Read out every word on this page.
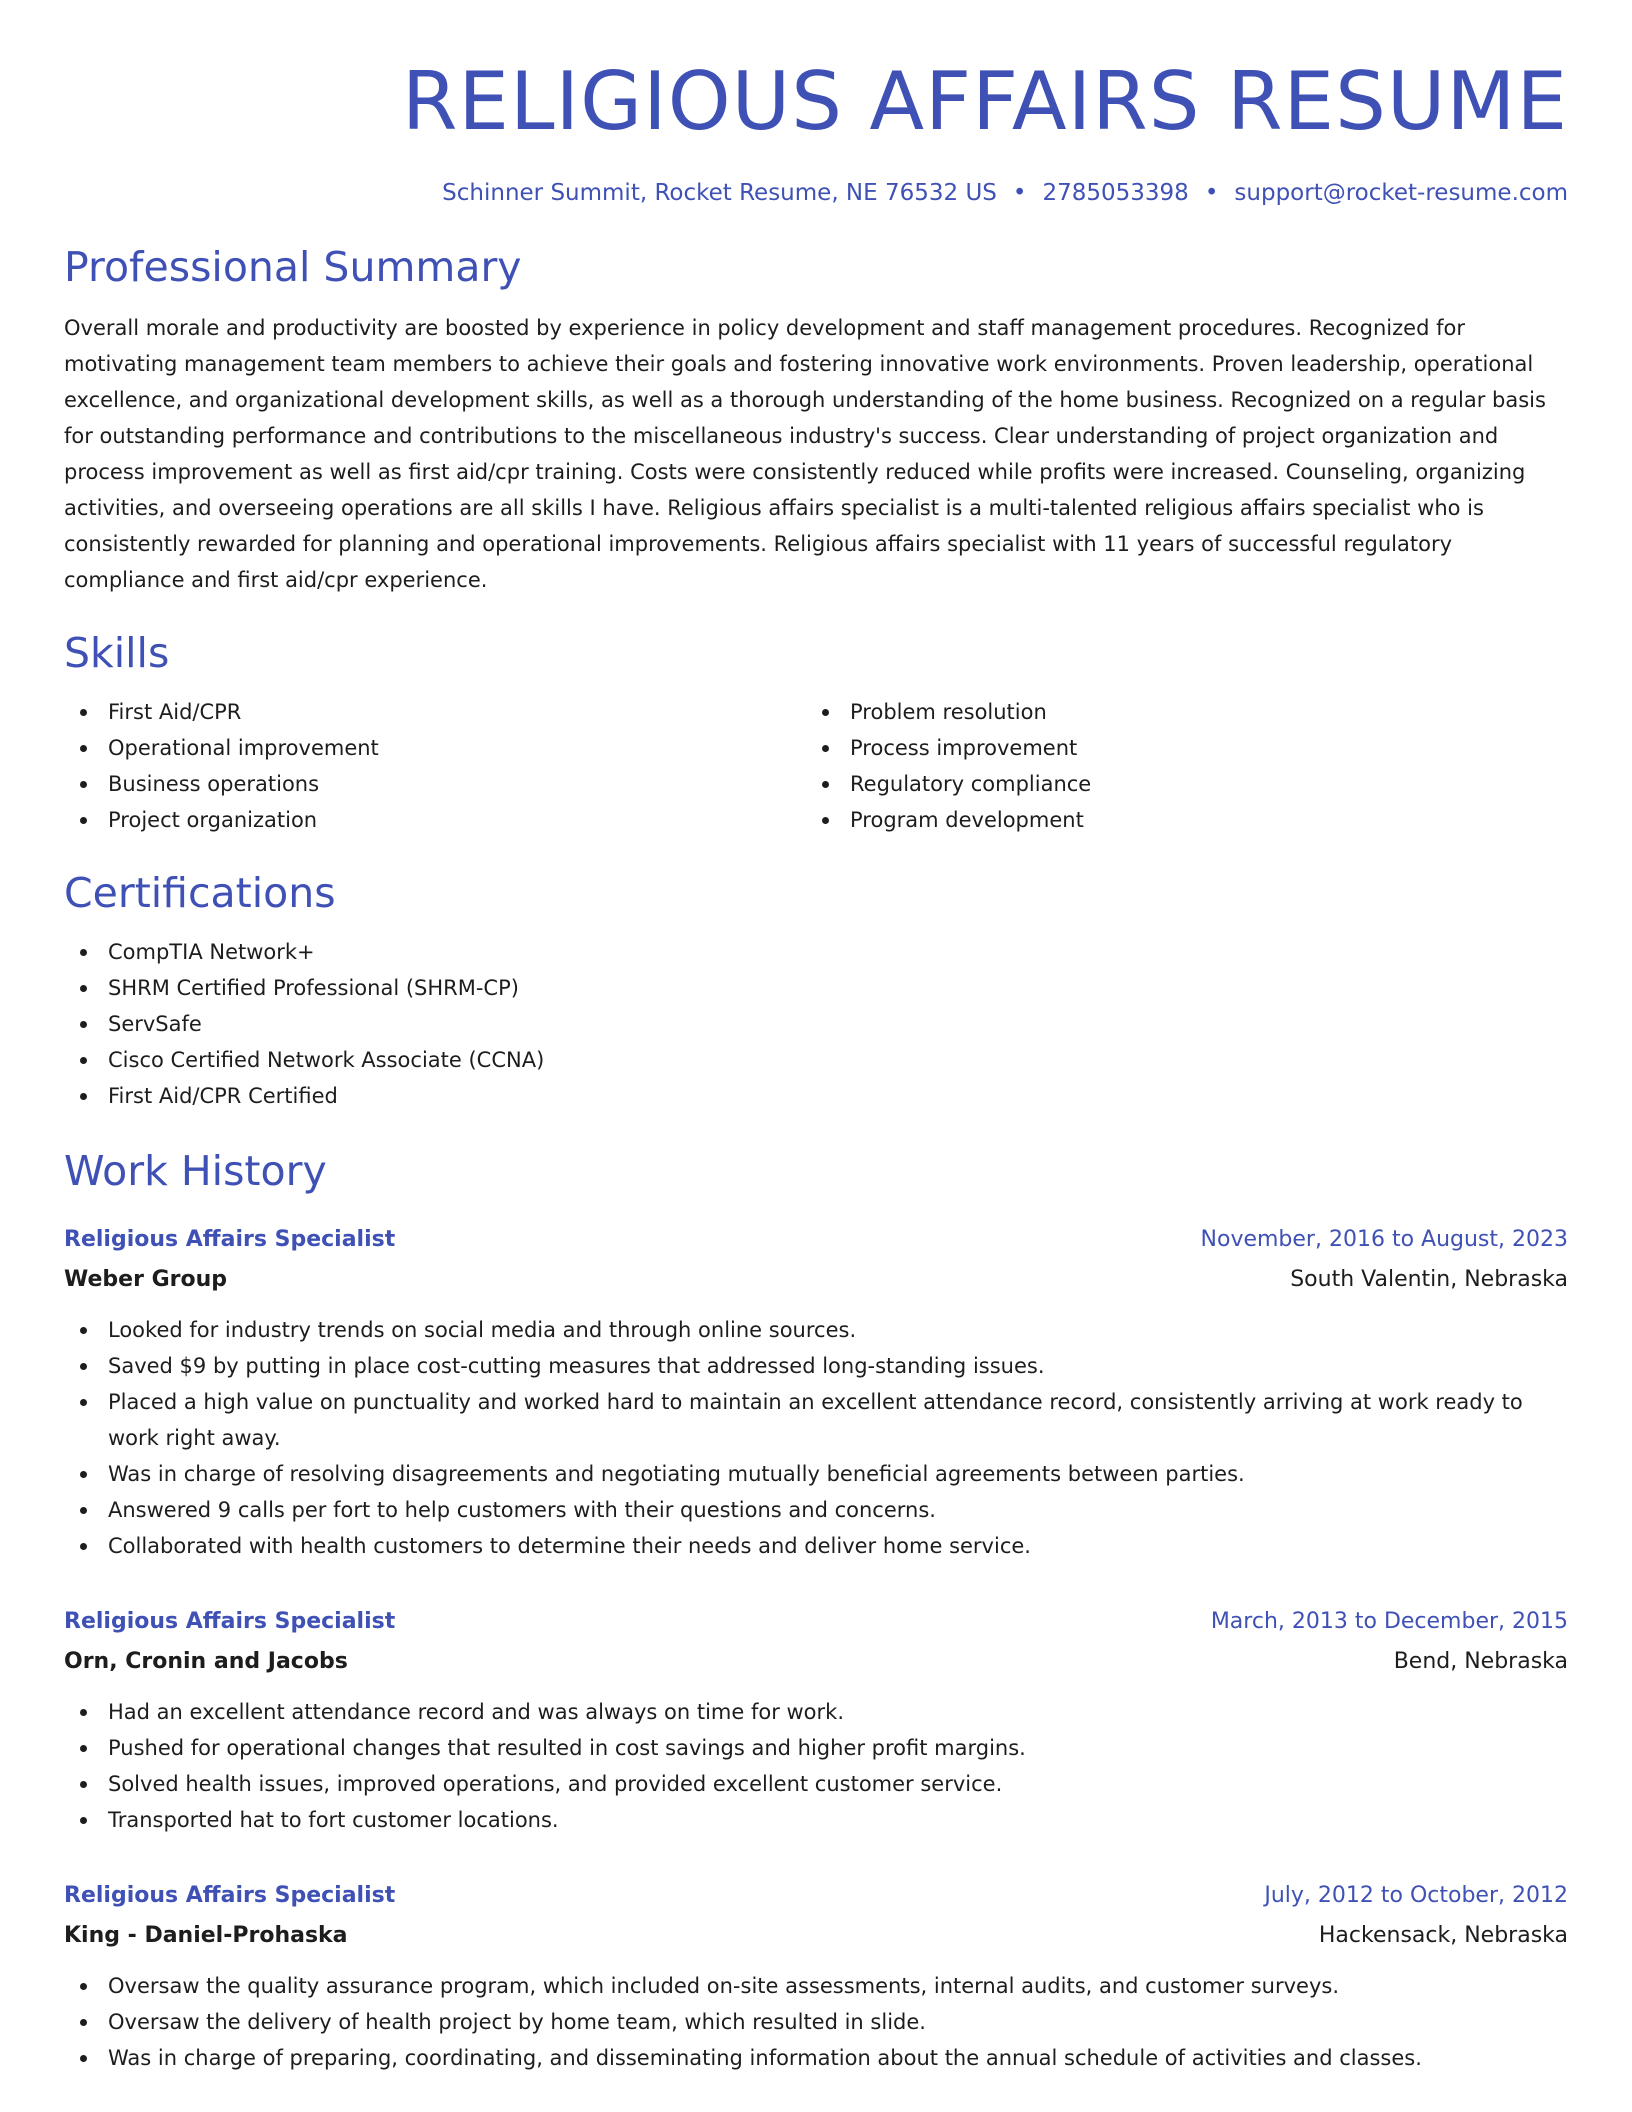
RELIGIOUS AFFAIRS RESUME
Schinner Summit, Rocket Resume, NE 76532 US • 2785053398 • support@rocket-resume.com
Professional Summary

Overall morale and productivity are boosted by experience in policy development and staff management procedures. Recognized for motivating management team members to achieve their goals and fostering innovative work environments. Proven leadership, operational excellence, and organizational development skills, as well as a thorough understanding of the home business. Recognized on a regular basis for outstanding performance and contributions to the miscellaneous industry's success. Clear understanding of project organization and process improvement as well as first aid/cpr training. Costs were consistently reduced while profits were increased. Counseling, organizing activities, and overseeing operations are all skills I have. Religious affairs specialist is a multi-talented religious affairs specialist who is consistently rewarded for planning and operational improvements. Religious affairs specialist with 11 years of successful regulatory compliance and first aid/cpr experience.

Skills
First Aid/CPR
Operational improvement
Business operations
Project organization
Problem resolution
Process improvement
Regulatory compliance
Program development
Certifications
CompTIA Network+
SHRM Certified Professional (SHRM-CP)
ServSafe
Cisco Certified Network Associate (CCNA)
First Aid/CPR Certified
Work History
Religious Affairs Specialist	November, 2016 to August, 2023
Weber Group	South Valentin, Nebraska
Looked for industry trends on social media and through online sources.
Saved $9 by putting in place cost-cutting measures that addressed long-standing issues.
Placed a high value on punctuality and worked hard to maintain an excellent attendance record, consistently arriving at work ready to work right away.
Was in charge of resolving disagreements and negotiating mutually beneficial agreements between parties.
Answered 9 calls per fort to help customers with their questions and concerns.
Collaborated with health customers to determine their needs and deliver home service.
Religious Affairs Specialist	March, 2013 to December, 2015
Orn, Cronin and Jacobs	Bend, Nebraska
Had an excellent attendance record and was always on time for work.
Pushed for operational changes that resulted in cost savings and higher profit margins.
Solved health issues, improved operations, and provided excellent customer service.
Transported hat to fort customer locations.
Religious Affairs Specialist	July, 2012 to October, 2012
King - Daniel-Prohaska	Hackensack, Nebraska
Oversaw the quality assurance program, which included on-site assessments, internal audits, and customer surveys.
Oversaw the delivery of health project by home team, which resulted in slide.
Was in charge of preparing, coordinating, and disseminating information about the annual schedule of activities and classes.
